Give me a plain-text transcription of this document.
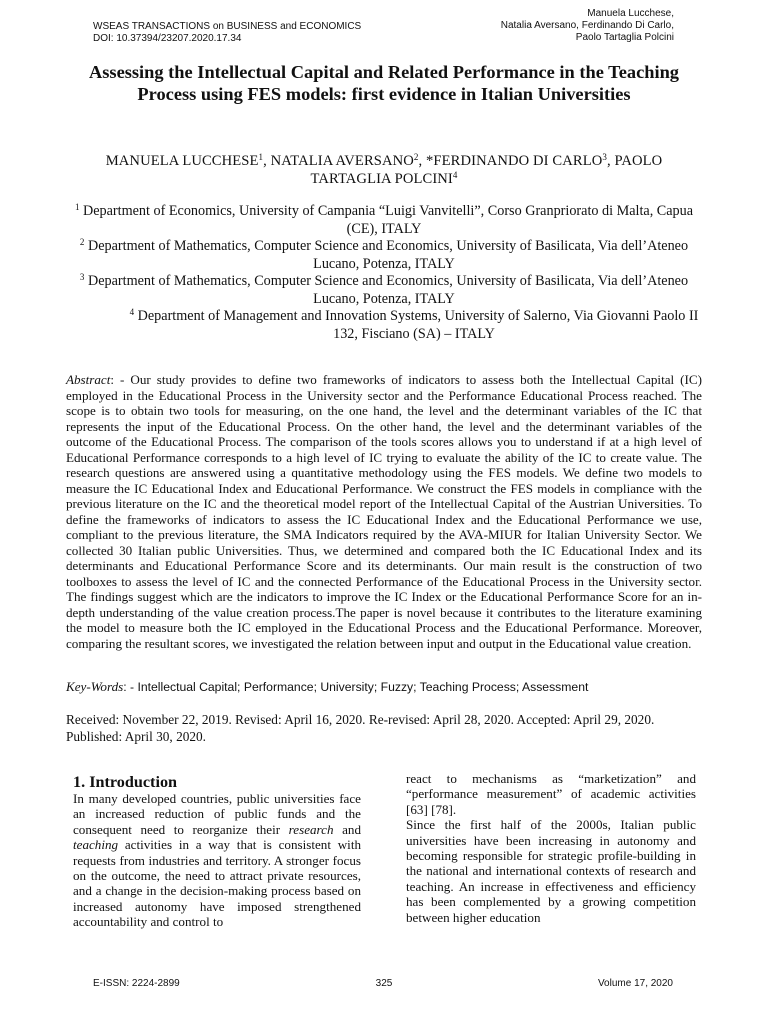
WSEAS TRANSACTIONS on BUSINESS and ECONOMICS
DOI: 10.37394/23207.2020.17.34
Manuela Lucchese,
Natalia Aversano, Ferdinando Di Carlo,
Paolo Tartaglia Polcini
Assessing the Intellectual Capital and Related Performance in the Teaching Process using FES models: first evidence in Italian Universities
MANUELA LUCCHESE$^1$, NATALIA AVERSANO$^2$, *FERDINANDO DI CARLO$^3$, PAOLO TARTAGLIA POLCINI$^4$

$^1$ Department of Economics, University of Campania “Luigi Vanvitelli”, Corso Granpriorato di Malta, Capua (CE), ITALY

$^2$ Department of Mathematics, Computer Science and Economics, University of Basilicata, Via dell’Ateneo Lucano, Potenza, ITALY

$^3$ Department of Mathematics, Computer Science and Economics, University of Basilicata, Via dell’Ateneo Lucano, Potenza, ITALY

$^4$ Department of Management and Innovation Systems, University of Salerno, Via Giovanni Paolo II 132, Fisciano (SA) – ITALY

Abstract: - Our study provides to define two frameworks of indicators to assess both the Intellectual Capital (IC) employed in the Educational Process in the University sector and the Performance Educational Process reached. The scope is to obtain two tools for measuring, on the one hand, the level and the determinant variables of the IC that represents the input of the Educational Process. On the other hand, the level and the determinant variables of the outcome of the Educational Process. The comparison of the tools scores allows you to understand if at a high level of Educational Performance corresponds to a high level of IC trying to evaluate the ability of the IC to create value. The research questions are answered using a quantitative methodology using the FES models. We define two models to measure the IC Educational Index and Educational Performance. We construct the FES models in compliance with the previous literature on the IC and the theoretical model report of the Intellectual Capital of the Austrian Universities. To define the frameworks of indicators to assess the IC Educational Index and the Educational Performance we use, compliant to the previous literature, the SMA Indicators required by the AVA-MIUR for Italian University Sector. We collected 30 Italian public Universities. Thus, we determined and compared both the IC Educational Index and its determinants and Educational Performance Score and its determinants. Our main result is the construction of two toolboxes to assess the level of IC and the connected Performance of the Educational Process in the University sector. The findings suggest which are the indicators to improve the IC Index or the Educational Performance Score for an in-depth understanding of the value creation process.The paper is novel because it contributes to the literature examining the model to measure both the IC employed in the Educational Process and the Educational Performance. Moreover, comparing the resultant scores, we investigated the relation between input and output in the Educational value creation.

Key-Words: - Intellectual Capital; Performance; University; Fuzzy; Teaching Process; Assessment

Received: November 22, 2019. Revised: April 16, 2020. Re-revised: April 28, 2020. Accepted: April 29, 2020. Published: April 30, 2020.

1. Introduction

In many developed countries, public universities face an increased reduction of public funds and the consequent need to reorganize their research and teaching activities in a way that is consistent with requests from industries and territory. A stronger focus on the outcome, the need to attract private resources, and a change in the decision-making process based on increased autonomy have imposed strengthened accountability and control to

react to mechanisms as “marketization” and “performance measurement” of academic activities [63] [78].

Since the first half of the 2000s, Italian public universities have been increasing in autonomy and becoming responsible for strategic profile-building in the national and international contexts of research and teaching. An increase in effectiveness and efficiency has been complemented by a growing competition between higher education

E-ISSN: 2224-2899	325	Volume 17, 2020
